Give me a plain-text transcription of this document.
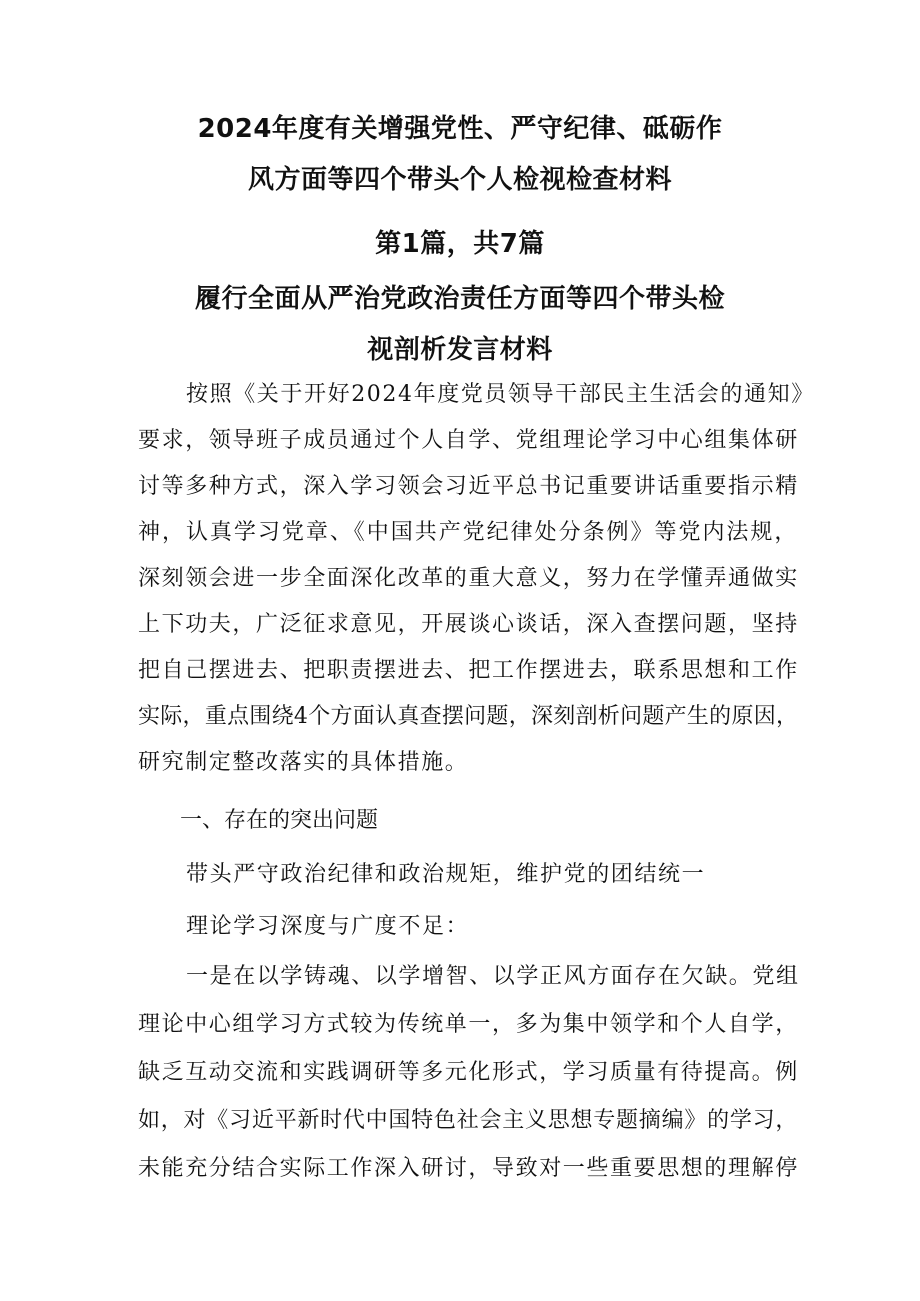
2024年度有关增强党性、严守纪律、砥砺作
风方面等四个带头个人检视检查材料
第1篇，共7篇
履行全面从严治党政治责任方面等四个带头检
视剖析发言材料
按照《关于开好2024年度党员领导干部民主生活会的通知》
要求，领导班子成员通过个人自学、党组理论学习中心组集体研
讨等多种方式，深入学习领会习近平总书记重要讲话重要指示精
神，认真学习党章、《中国共产党纪律处分条例》等党内法规，
深刻领会进一步全面深化改革的重大意义，努力在学懂弄通做实
上下功夫，广泛征求意见，开展谈心谈话，深入查摆问题，坚持
把自己摆进去、把职责摆进去、把工作摆进去，联系思想和工作
实际，重点围绕4个方面认真查摆问题，深刻剖析问题产生的原因，
研究制定整改落实的具体措施。
一、存在的突出问题
带头严守政治纪律和政治规矩，维护党的团结统一
理论学习深度与广度不足：
一是在以学铸魂、以学增智、以学正风方面存在欠缺。党组
理论中心组学习方式较为传统单一，多为集中领学和个人自学，
缺乏互动交流和实践调研等多元化形式，学习质量有待提高。例
如，对《习近平新时代中国特色社会主义思想专题摘编》的学习，
未能充分结合实际工作深入研讨，导致对一些重要思想的理解停
